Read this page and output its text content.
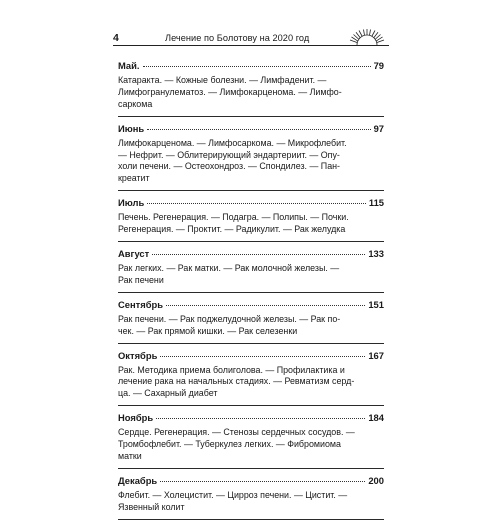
4	Лечение по Болотову на 2020 год
Май.	79
Катаракта. — Кожные болезни. — Лимфаденит. —
Лимфогранулематоз. — Лимфокарценома. — Лимфо-
саркома
Июнь	97
Лимфокарценома. — Лимфосаркома. — Микрофлебит.
— Нефрит. — Облитерирующий эндартериит. — Опу-
холи печени. — Остеохондроз. — Спондилез. — Пан-
креатит
Июль	115
Печень. Регенерация. — Подагра. — Полипы. — Почки.
Регенерация. — Проктит. — Радикулит. — Рак желудка
Август	133
Рак легких. — Рак матки. — Рак молочной железы. —
Рак печени
Сентябрь	151
Рак печени. — Рак поджелудочной железы. — Рак по-
чек. — Рак прямой кишки. — Рак селезенки
Октябрь	167
Рак. Методика приема болиголова. — Профилактика и
лечение рака на начальных стадиях. — Ревматизм серд-
ца. — Сахарный диабет
Ноябрь	184
Сердце. Регенерация. — Стенозы сердечных сосудов. —
Тромбофлебит. — Туберкулез легких. — Фибромиома
матки
Декабрь	200
Флебит. — Холецистит. — Цирроз печени. — Цистит. —
Язвенный колит
